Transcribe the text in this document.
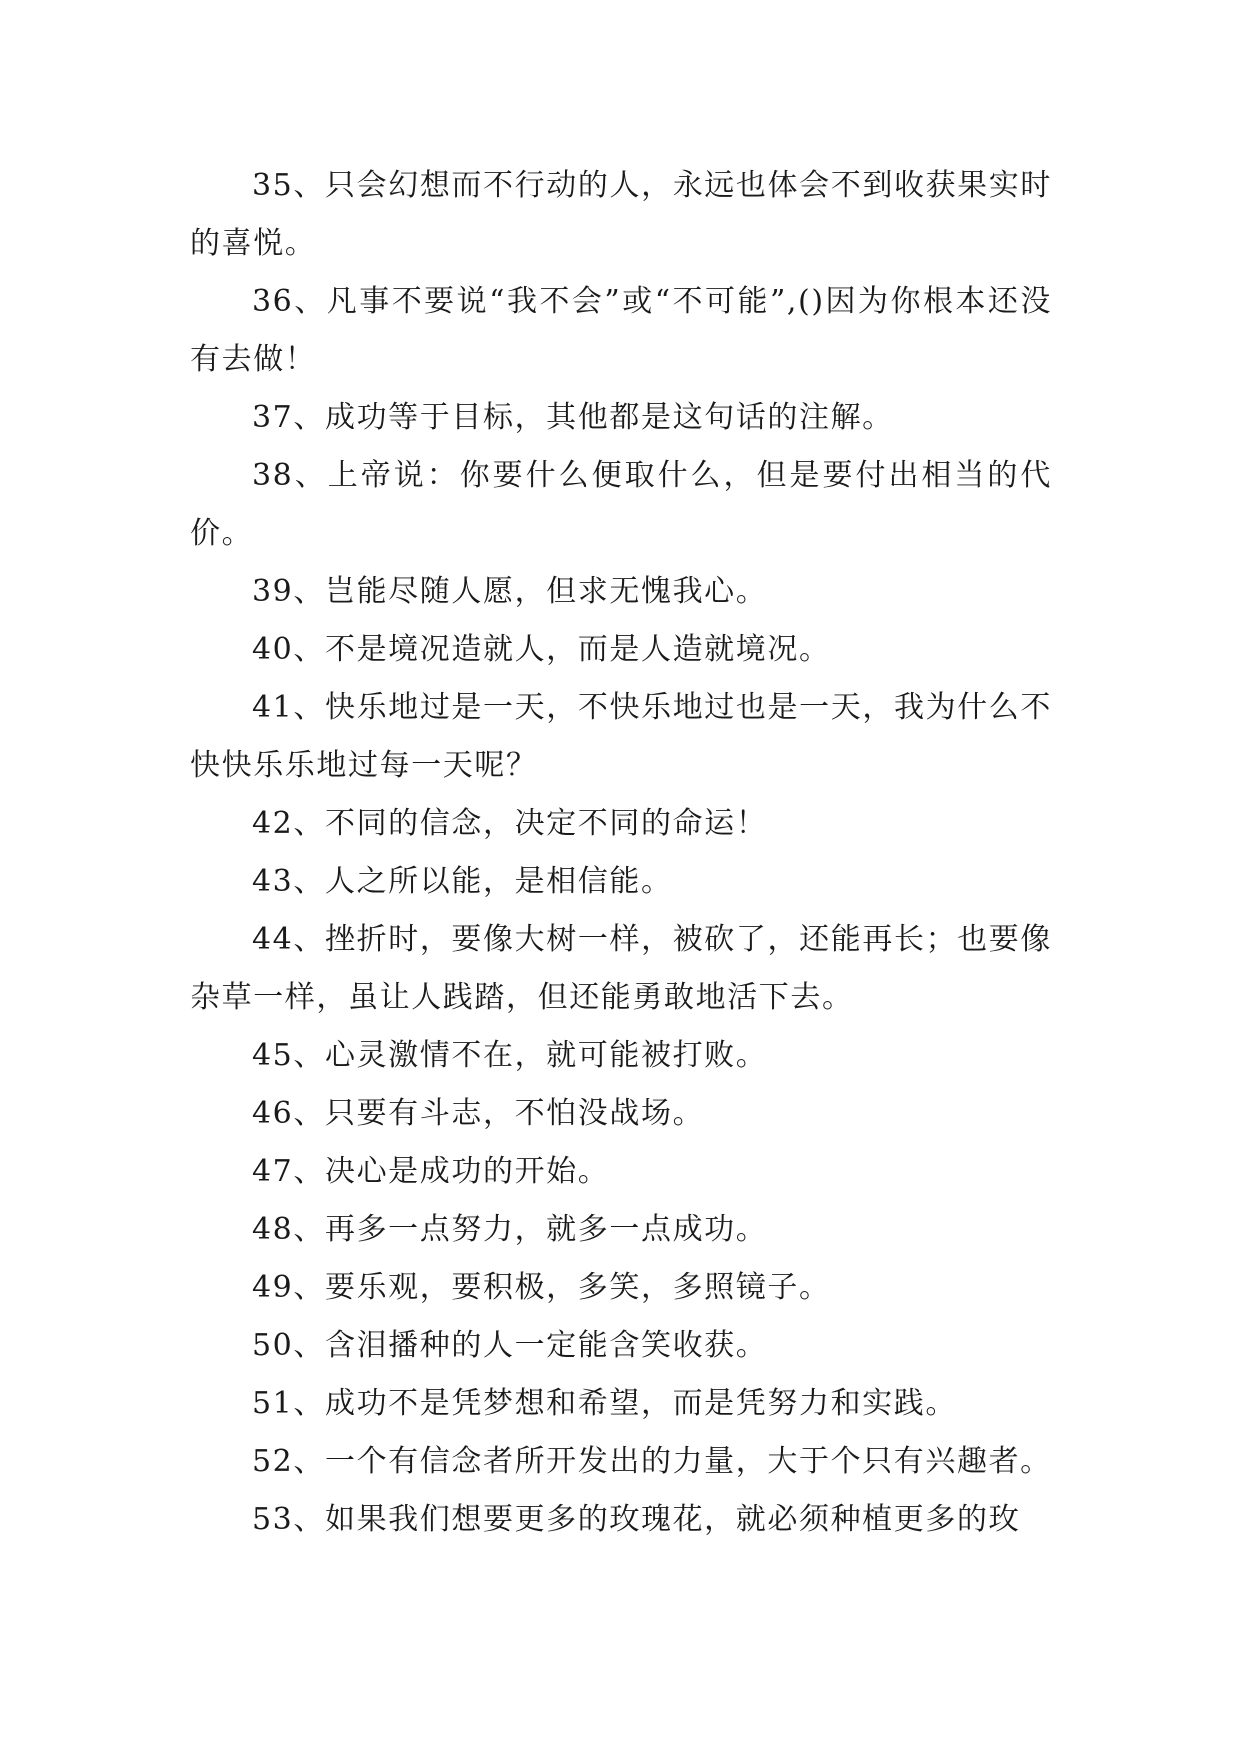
35、只会幻想而不行动的人，永远也体会不到收获果实时的喜悦。

36、凡事不要说“我不会”或“不可能”,()因为你根本还没有去做！

37、成功等于目标，其他都是这句话的注解。

38、上帝说：你要什么便取什么，但是要付出相当的代价。

39、岂能尽随人愿，但求无愧我心。

40、不是境况造就人，而是人造就境况。

41、快乐地过是一天，不快乐地过也是一天，我为什么不快快乐乐地过每一天呢？

42、不同的信念，决定不同的命运！

43、人之所以能，是相信能。

44、挫折时，要像大树一样，被砍了，还能再长；也要像杂草一样，虽让人践踏，但还能勇敢地活下去。

45、心灵激情不在，就可能被打败。

46、只要有斗志，不怕没战场。

47、决心是成功的开始。

48、再多一点努力，就多一点成功。

49、要乐观，要积极，多笑，多照镜子。

50、含泪播种的人一定能含笑收获。

51、成功不是凭梦想和希望，而是凭努力和实践。

52、一个有信念者所开发出的力量，大于个只有兴趣者。

53、如果我们想要更多的玫瑰花，就必须种植更多的玫
